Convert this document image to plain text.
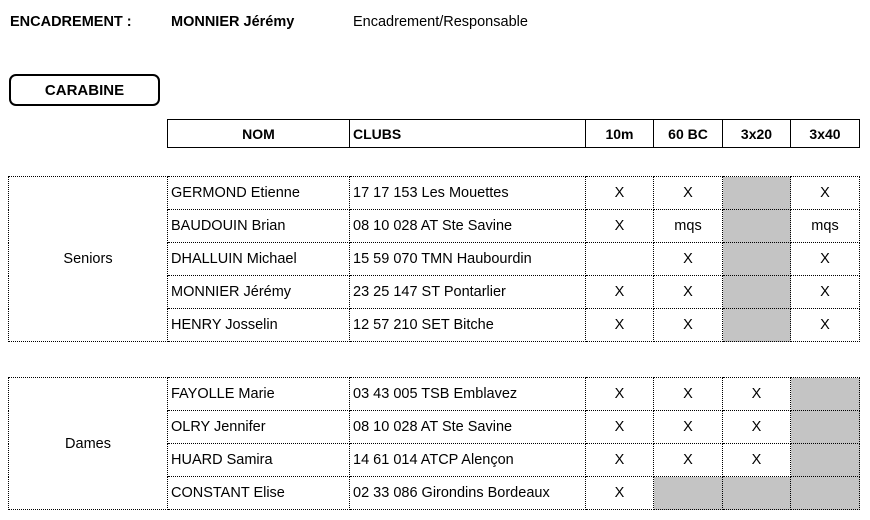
ENCADREMENT :	MONNIER Jérémy	Encadrement/Responsable
CARABINE
NOM	CLUBS	10m	60 BC	3x20	3x40
Seniors	GERMOND Etienne	17 17 153 Les Mouettes	X	X		X
	BAUDOUIN Brian	08 10 028 AT Ste Savine	X	mqs		mqs
	DHALLUIN Michael	15 59 070 TMN Haubourdin		X		X
	MONNIER Jérémy	23 25 147 ST Pontarlier	X	X		X
	HENRY Josselin	12 57 210 SET Bitche	X	X		X
Dames	FAYOLLE Marie	03 43 005 TSB Emblavez	X	X	X	
	OLRY Jennifer	08 10 028 AT Ste Savine	X	X	X	
	HUARD Samira	14 61 014 ATCP Alençon	X	X	X	
	CONSTANT Elise	02 33 086 Girondins Bordeaux	X			
